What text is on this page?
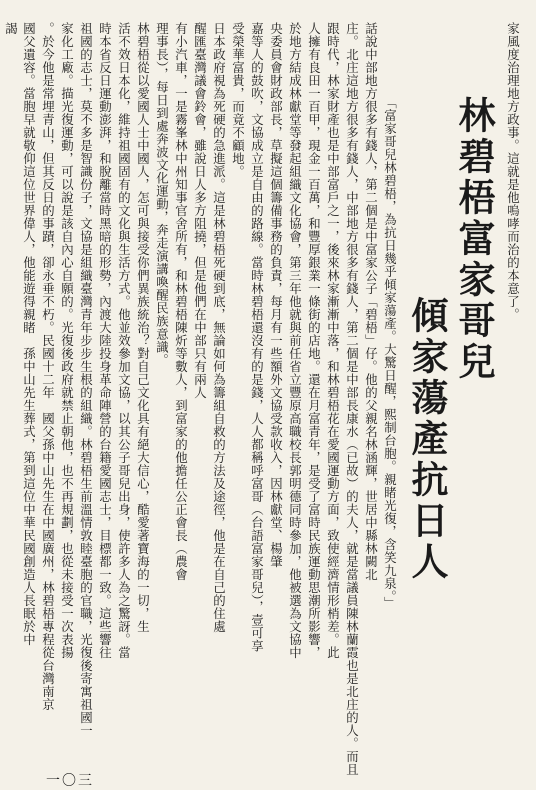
家風度治理地方政事。這就是他嗚哮而治的本意了。
林碧梧富家哥兒
傾家蕩產抗日人
「富家哥兒林碧梧，為抗日幾乎傾家蕩產。大驚日醒，熙制台胞。親睹光復，含笑九泉。」
話說中部地方很多有錢人，第二個是中富家公子「碧梧」仔。他的父親名林涵輝，世居中縣林闕北
庄。北庄這地方很多有錢人，中部地方很多有錢人，第二個是中部長康水（已故）的夫人，就是當議員陳林蘭霞也是北庄的人。而且
跟時代，林家財產也是中部富戶之一，後來林家漸漸中落，和林碧梧花在愛國運動方面，致使經濟情形梢差。此
人擁有良田一百甲，現金一百萬，和豐厚銀業一條街的店地。還在月富青年，是受了富時民族運動思潮所影響，
於地方結成林獻堂等發起組織文化協會，第三年他就與前任省立豐原高職校長郭明德同時參加，他被選為文協中
央委員會財政部長，草擬這個籌備事務的負責，每月有一些額外文協受款收入，因林獻堂、楊肇
嘉等人的鼓吹，文協成立是自由的路線。當時林碧梧還沒有的是錢，人人都稱呼富哥（台語富家哥兒），壹可享
受榮華富貴，而竟不顧地。
日本政府視為死硬的急進派。這是林碧梧死硬到底，無論如何為籌組自救的方法及途徑，他是在自己的住處
醒匯臺灣議會鈴會，雖說日人多方阻撓，但是他們在中部只有兩人
有小汽車，一是霧峯林中州知事官舍所有，和林碧梧陳炘等數人，到富家的他擔任公正會長（農會
理事長），每日到處奔波文化運動，奔走演講喚醒民族意識。
林碧梧從以愛國人士中國人，怎可與接受你們異族統治？對自己文化具有絕大信心，酷愛著寶海的一切，生
活不效日本化，維持祖國固有的文化與生活方式。他並效參加文協，以其公子哥兒出身，使許多人為之驚訝。當
時本省反日運動澎湃，和脫離當時黑暗的形勢，內渡大陸投身革命陣營的台籍愛國志士，目標都一致。這些響往
祖國的志士，莫不多是智識份子，文協是組織臺灣青年步步生根的組織。林碧梧生前溫情敦睦臺胞的官職，光復後寄寓祖國一
家化工廠。描光復運動，可以說是該自內心自願的。光復後政府就禁止朝他，也不再規劃，也從未接受一次表揚
。於今他是常埋青山，但其反日的事蹟，卻永垂不朽。民國十二年　國父孫中山先生在中國廣州，林碧梧專程從台灣南京
國父遺容。當胞早就敬仰這位世界偉人，他能遊得親睹　孫中山先生葬式，第到這位中華民國創造人長眠於中
謁
一〇三
